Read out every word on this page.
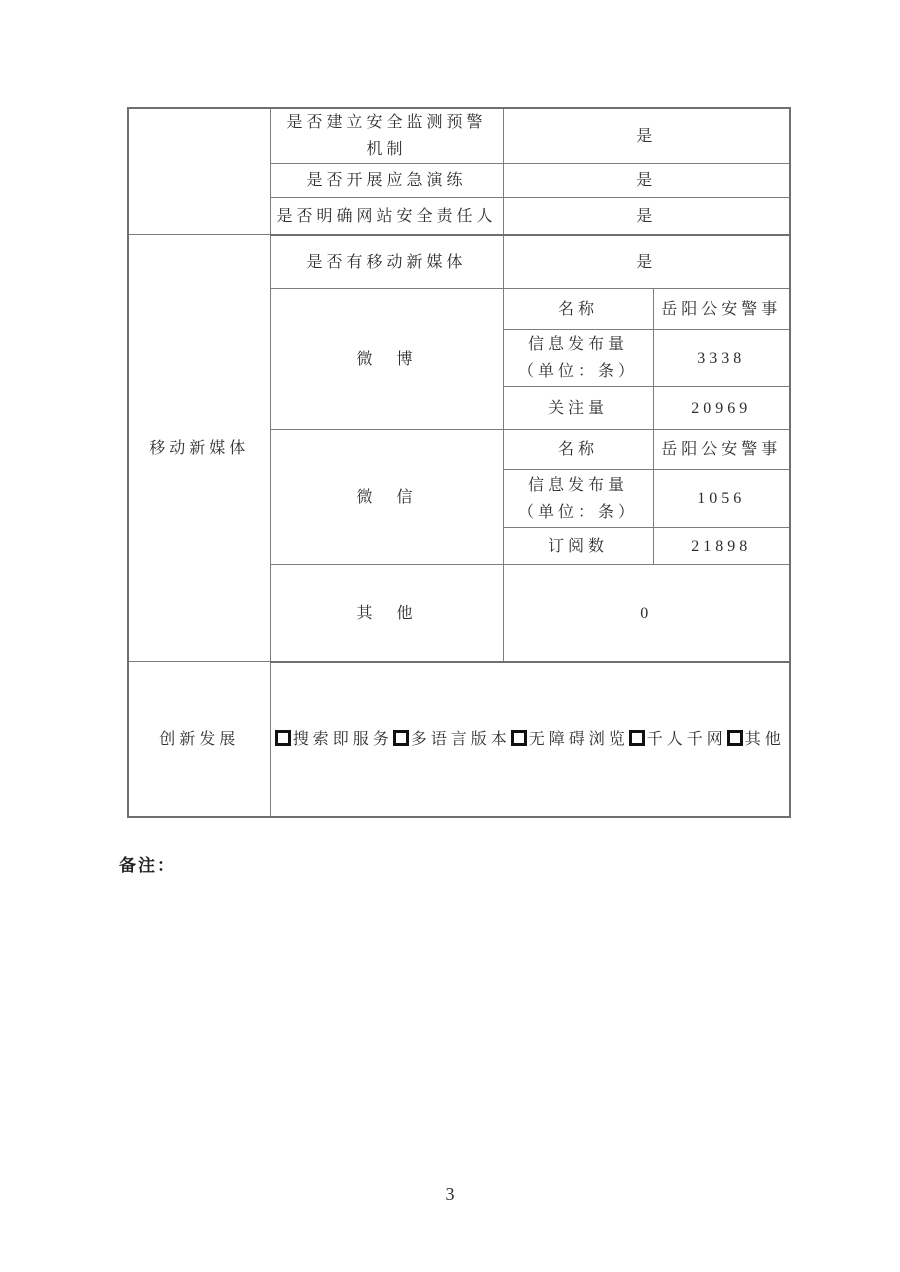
	是否建立安全监测预警
机制	是	
	是否开展应急演练	是	
	是否明确网站安全责任人	是	
移动新媒体	是否有移动新媒体	是	
	微　博	名称	岳阳公安警事

		信息发布量
（单位：条）	3338
		关注量	20969
	微　信	名称	岳阳公安警事

		信息发布量
（单位：条）	1056
		订阅数	21898
	其　他	0	
创新发展	搜索即服务 多语言版本 无障碍浏览 千人千网 其他		
备注：
3
